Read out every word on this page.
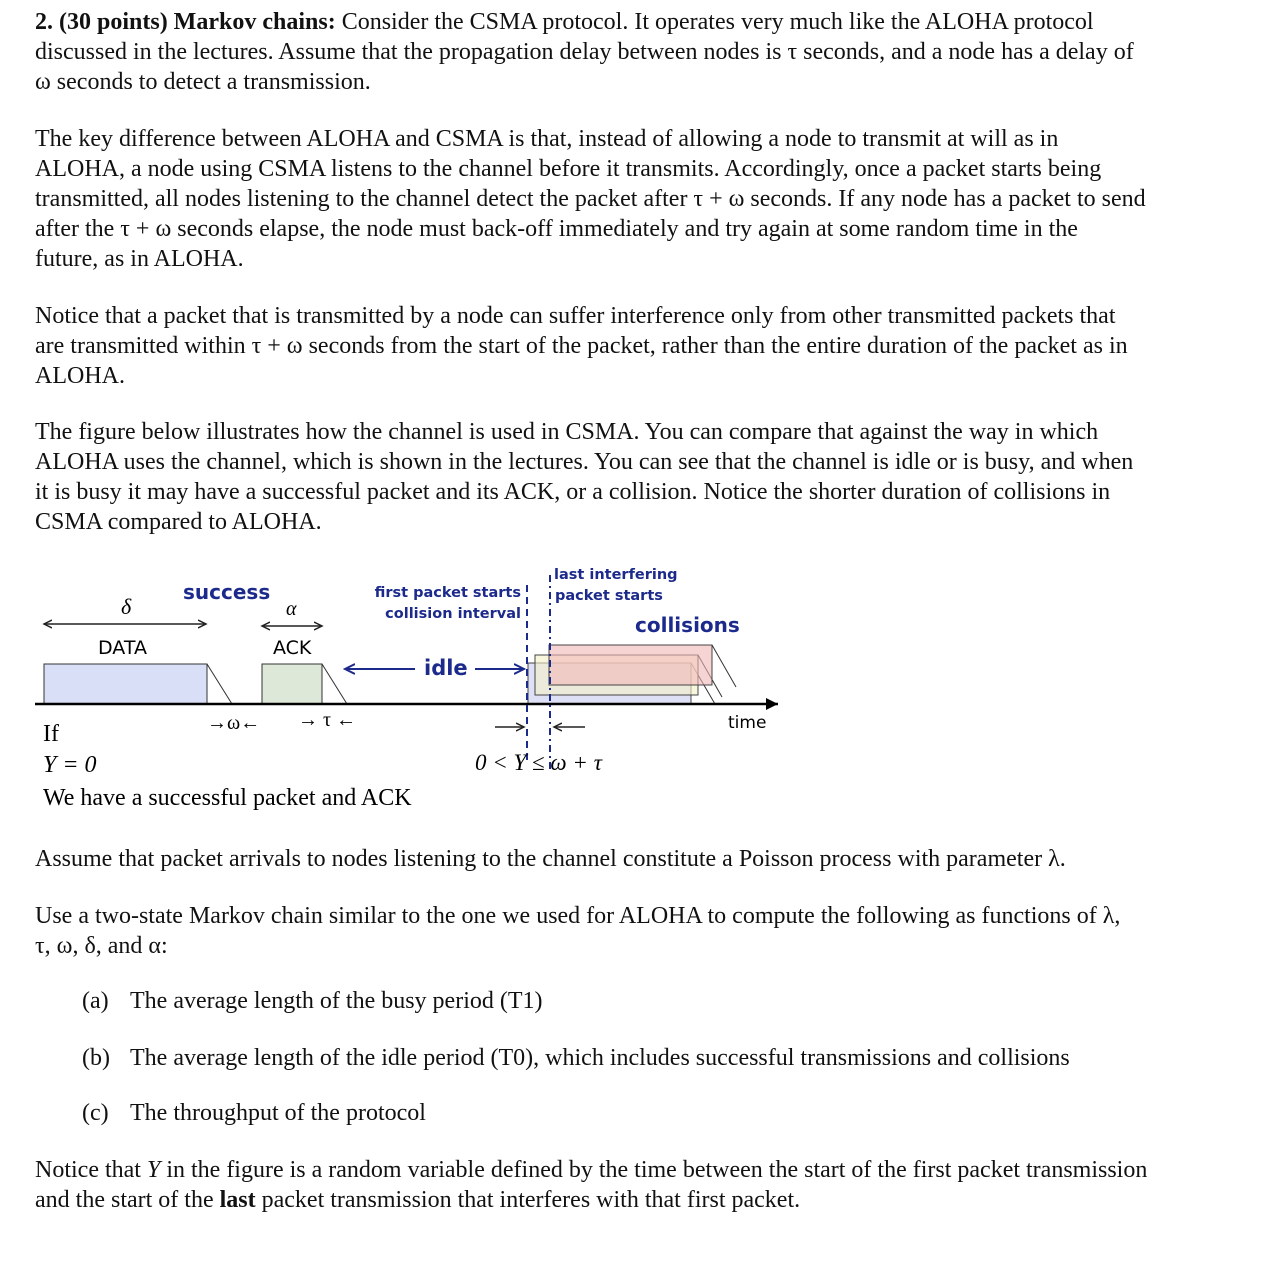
2. (30 points) Markov chains: Consider the CSMA protocol. It operates very much like the ALOHA protocol
discussed in the lectures. Assume that the propagation delay between nodes is τ seconds, and a node has a delay of
ω seconds to detect a transmission.
The key difference between ALOHA and CSMA is that, instead of allowing a node to transmit at will as in
ALOHA, a node using CSMA listens to the channel before it transmits. Accordingly, once a packet starts being
transmitted, all nodes listening to the channel detect the packet after τ + ω seconds. If any node has a packet to send
after the τ + ω seconds elapse, the node must back-off immediately and try again at some random time in the
future, as in ALOHA.
Notice that a packet that is transmitted by a node can suffer interference only from other transmitted packets that
are transmitted within τ + ω seconds from the start of the packet, rather than the entire duration of the packet as in
ALOHA.
The figure below illustrates how the channel is used in CSMA. You can compare that against the way in which
ALOHA uses the channel, which is shown in the lectures. You can see that the channel is idle or is busy, and when
it is busy it may have a successful packet and its ACK, or a collision. Notice the shorter duration of collisions in
CSMA compared to ALOHA.
success
δ	α
DATA	ACK
idle
time
first packet starts
collision interval
last interfering
packet starts
collisions
→ω← → τ ←
0 < Y ≤ ω + τ
If
Y = 0
We have a successful packet and ACK
Assume that packet arrivals to nodes listening to the channel constitute a Poisson process with parameter λ.
Use a two-state Markov chain similar to the one we used for ALOHA to compute the following as functions of λ,
τ, ω, δ, and α:
(a) The average length of the busy period (T1)
(b) The average length of the idle period (T0), which includes successful transmissions and collisions
(c) The throughput of the protocol
Notice that Y in the figure is a random variable defined by the time between the start of the first packet transmission
and the start of the last packet transmission that interferes with that first packet.
